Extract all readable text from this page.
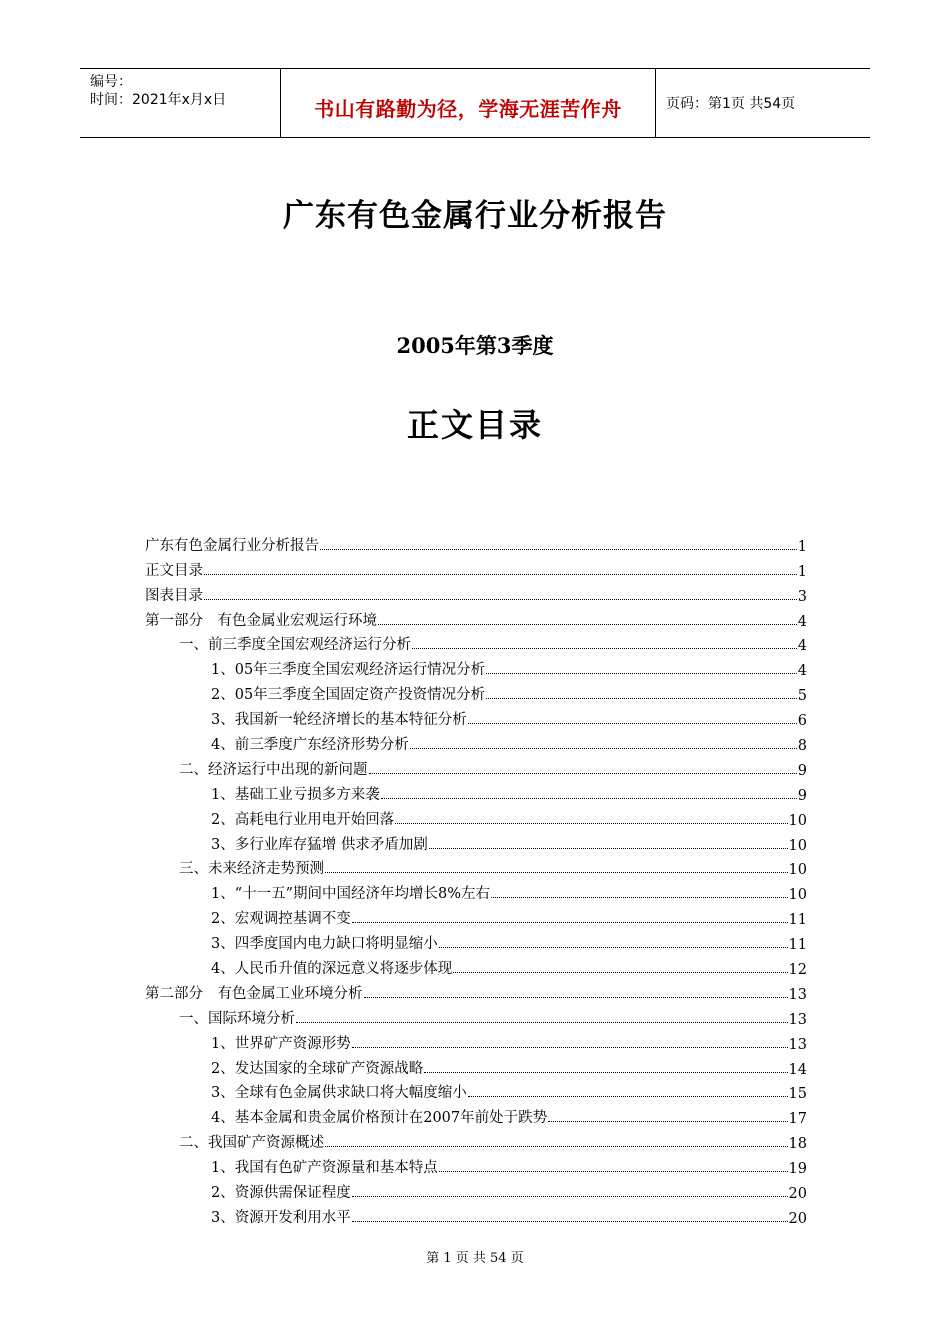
编号：
时间：2021年x月x日	书山有路勤为径，学海无涯苦作舟	页码：第1页 共54页
广东有色金属行业分析报告
2005年第3季度
正文目录
广东有色金属行业分析报告	1
正文目录	1
图表目录	3
第一部分　有色金属业宏观运行环境	4
一、前三季度全国宏观经济运行分析	4
1、05年三季度全国宏观经济运行情况分析	4
2、05年三季度全国固定资产投资情况分析	5
3、我国新一轮经济增长的基本特征分析	6
4、前三季度广东经济形势分析	8
二、经济运行中出现的新问题	9
1、基础工业亏损多方来袭	9
2、高耗电行业用电开始回落	10
3、多行业库存猛增 供求矛盾加剧	10
三、未来经济走势预测	10
1、“十一五”期间中国经济年均增长8%左右	10
2、宏观调控基调不变	11
3、四季度国内电力缺口将明显缩小	11
4、人民币升值的深远意义将逐步体现	12
第二部分　有色金属工业环境分析	13
一、国际环境分析	13
1、世界矿产资源形势	13
2、发达国家的全球矿产资源战略	14
3、全球有色金属供求缺口将大幅度缩小	15
4、基本金属和贵金属价格预计在2007年前处于跌势	17
二、我国矿产资源概述	18
1、我国有色矿产资源量和基本特点	19
2、资源供需保证程度	20
3、资源开发利用水平	20
第 1 页 共 54 页
